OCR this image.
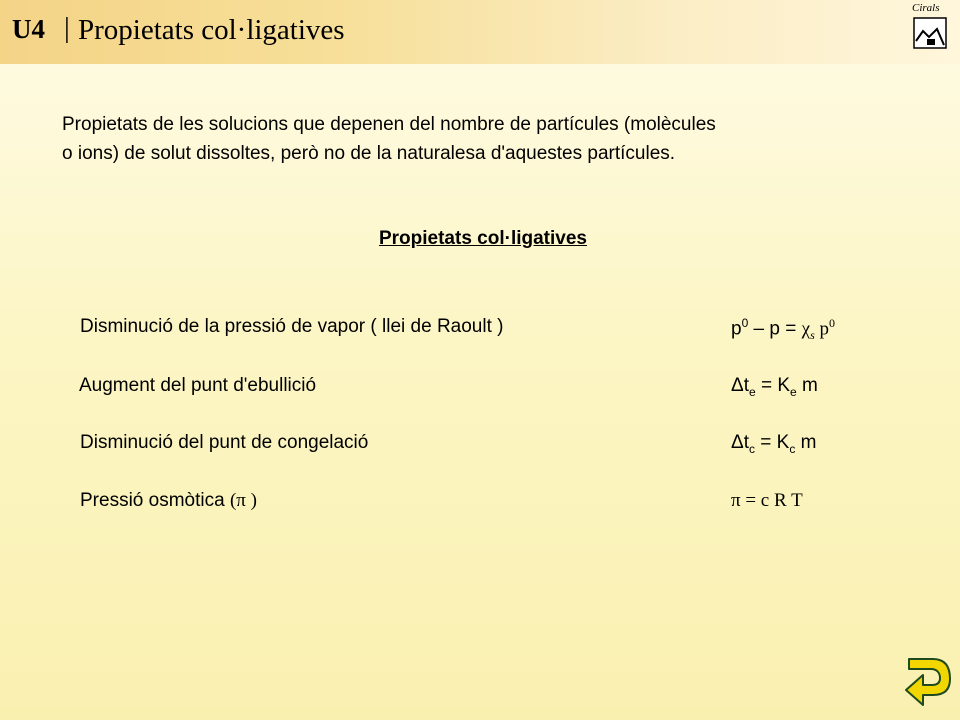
U4 | Propietats col·ligatives
Cirals
Propietats de les solucions que depenen del nombre de partícules (molècules
o ions) de solut dissoltes, però no de la naturalesa d'aquestes partícules.
Propietats col·ligatives
Disminució de la pressió de vapor ( llei de Raoult )	$p^0 - p = \chi_s$ $p^0$
Augment del punt d'ebullició	$\Delta t_e = K_e$ m
Disminució del punt de congelació	$\Delta t_c = K_c$ m
Pressió osmòtica (π )	π = c R T
